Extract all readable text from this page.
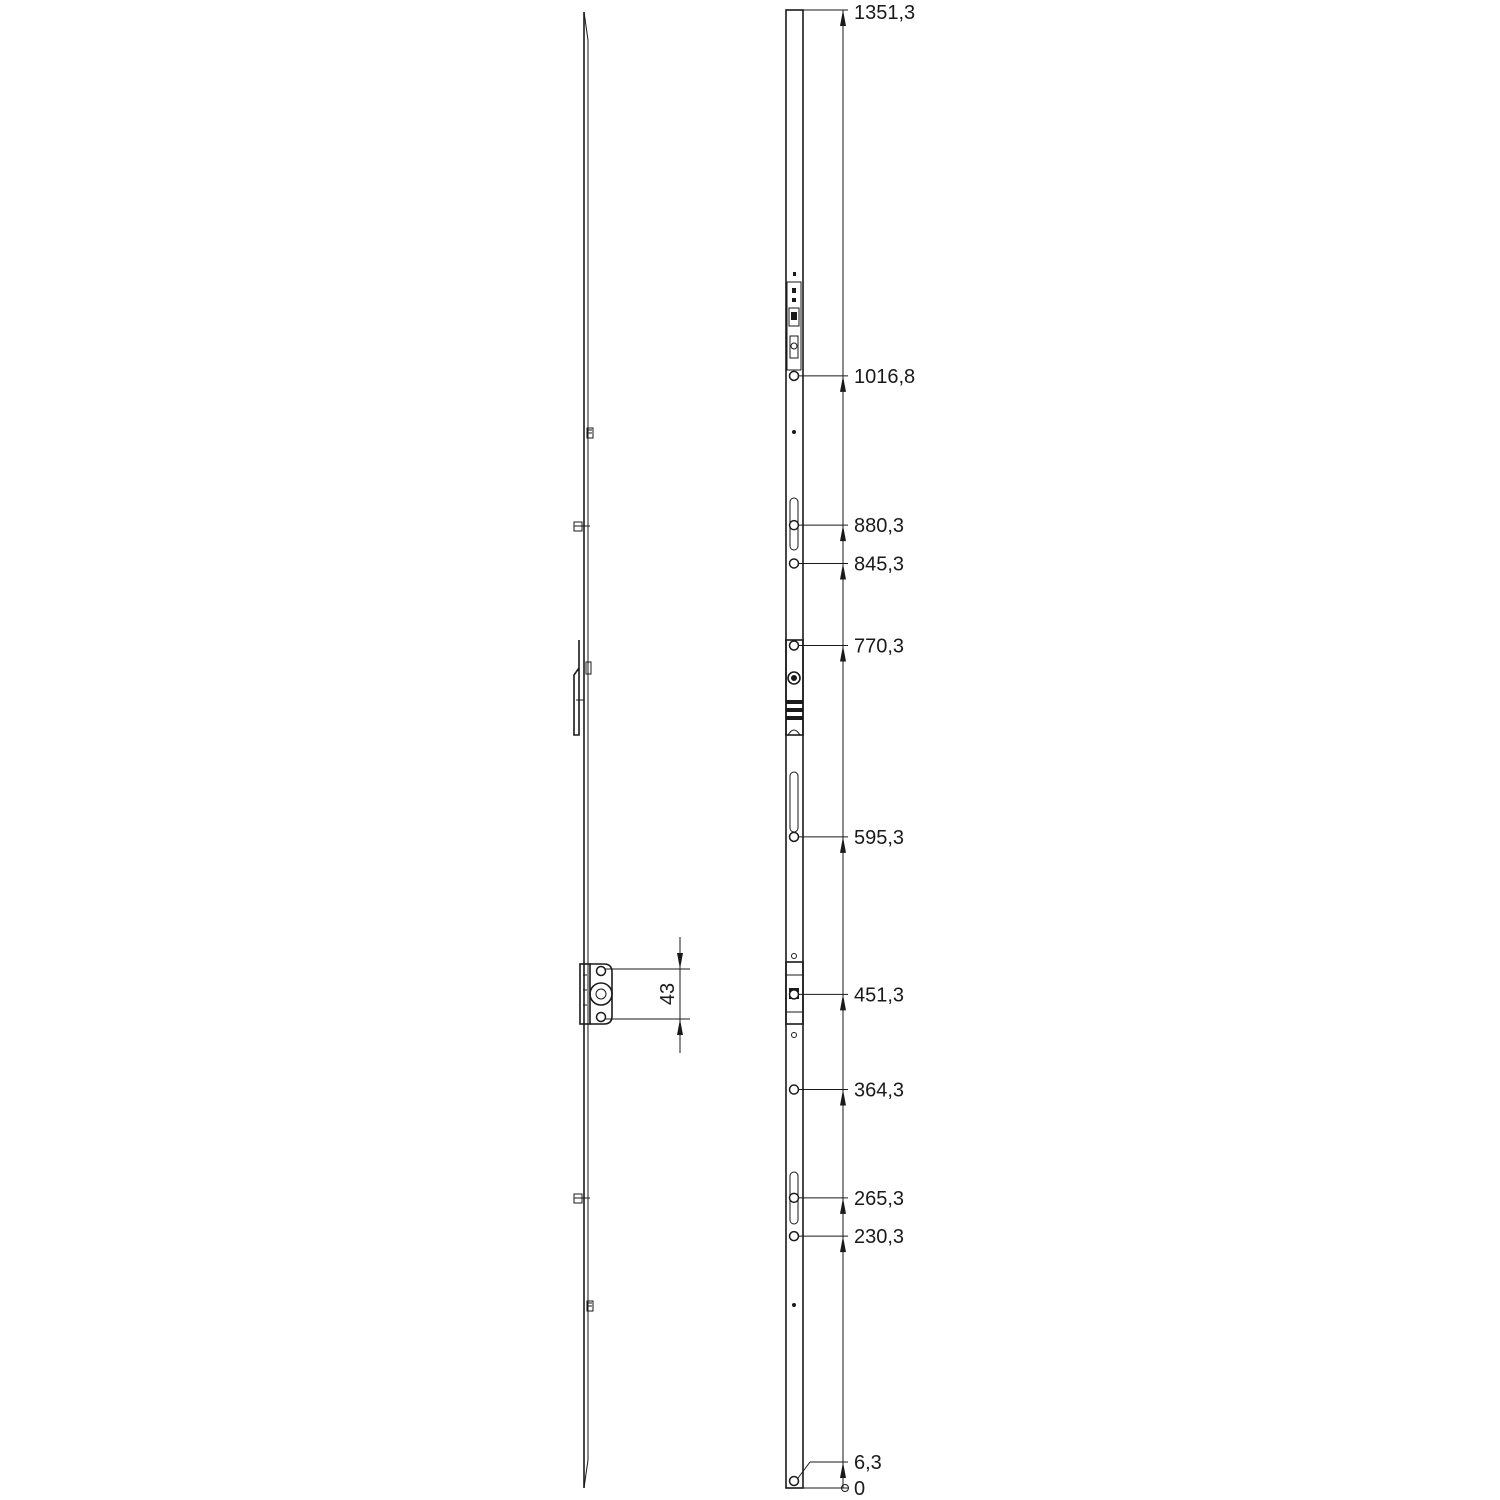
43
1016,8
880,3
845,3
770,3
595,3
451,3
364,3
265,3
230,3
1351,3
6,3
0
